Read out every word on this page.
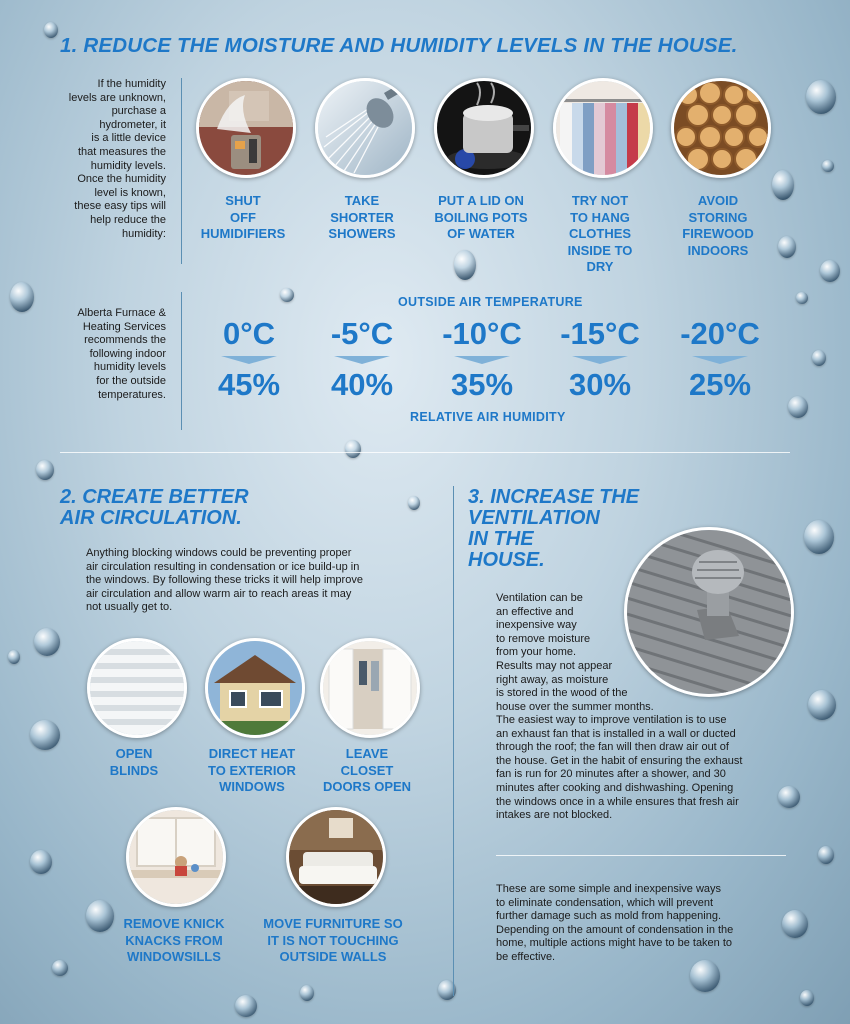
1. REDUCE THE MOISTURE AND HUMIDITY LEVELS IN THE HOUSE.
If the humidity
levels are unknown,
purchase a
hydrometer, it
is a little device
that measures the
humidity levels.
Once the humidity
level is known,
these easy tips will
help reduce the
humidity:
SHUT
OFF
HUMIDIFIERS
TAKE
SHORTER
SHOWERS
PUT A LID ON
BOILING POTS
OF WATER
TRY NOT
TO HANG
CLOTHES
INSIDE TO
DRY
AVOID
STORING
FIREWOOD
INDOORS
Alberta Furnace &
Heating Services
recommends the
following indoor
humidity levels
for the outside
temperatures.
OUTSIDE AIR TEMPERATURE
0°C	-5°C	-10°C	-15°C	-20°C
45%	40%	35%	30%	25%
RELATIVE AIR HUMIDITY
2. CREATE BETTER
AIR CIRCULATION.
Anything blocking windows could be preventing proper
air circulation resulting in condensation or ice build-up in
the windows. By following these tricks it will help improve
air circulation and allow warm air to reach areas it may
not usually get to.
OPEN
BLINDS
DIRECT HEAT
TO EXTERIOR
WINDOWS
LEAVE
CLOSET
DOORS OPEN
REMOVE KNICK
KNACKS FROM
WINDOWSILLS
MOVE FURNITURE SO
IT IS NOT TOUCHING
OUTSIDE WALLS
3. INCREASE THE
VENTILATION
IN THE
HOUSE.
Ventilation can be
an effective and
inexpensive way
to remove moisture
from your home.
Results may not appear
right away, as moisture
is stored in the wood of the
house over the summer months.
The easiest way to improve ventilation is to use
an exhaust fan that is installed in a wall or ducted
through the roof; the fan will then draw air out of
the house. Get in the habit of ensuring the exhaust
fan is run for 20 minutes after a shower, and 30
minutes after cooking and dishwashing. Opening
the windows once in a while ensures that fresh air
intakes are not blocked.
These are some simple and inexpensive ways
to eliminate condensation, which will prevent
further damage such as mold from happening.
Depending on the amount of condensation in the
home, multiple actions might have to be taken to
be effective.
